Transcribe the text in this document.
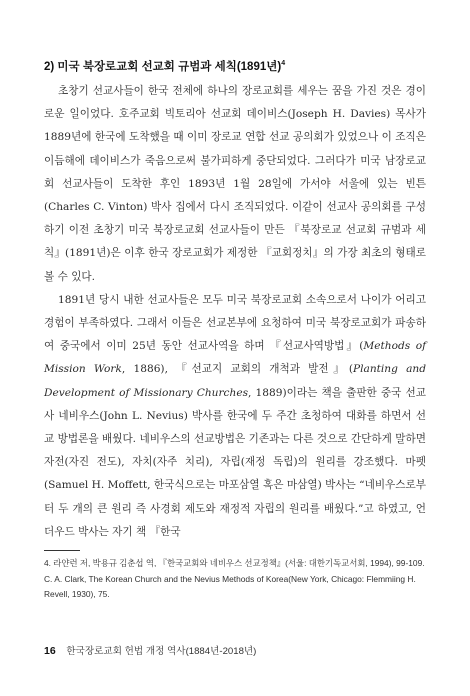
2) 미국 북장로교회 선교회 규범과 세칙(1891년)$^4$

초창기 선교사들이 한국 전체에 하나의 장로교회를 세우는 꿈을 가진 것은 경이로운 일이었다. 호주교회 빅토리아 선교회 데이비스(Joseph H. Davies) 목사가 1889년에 한국에 도착했을 때 이미 장로교 연합 선교 공의회가 있었으나 이 조직은 이듬해에 데이비스가 죽음으로써 불가피하게 중단되었다. 그러다가 미국 남장로교회 선교사들이 도착한 후인 1893년 1월 28일에 가서야 서울에 있는 빈튼(Charles C. Vinton) 박사 집에서 다시 조직되었다. 이같이 선교사 공의회를 구성하기 이전 초창기 미국 북장로교회 선교사들이 만든 『북장로교 선교회 규범과 세칙』(1891년)은 이후 한국 장로교회가 제정한 『교회정치』의 가장 최초의 형태로 볼 수 있다.

1891년 당시 내한 선교사들은 모두 미국 북장로교회 소속으로서 나이가 어리고 경험이 부족하였다. 그래서 이들은 선교본부에 요청하여 미국 북장로교회가 파송하여 중국에서 이미 25년 동안 선교사역을 하며 『선교사역방법』(Methods of Mission Work, 1886), 『선교지 교회의 개척과 발전』(Planting and Development of Missionary Churches, 1889)이라는 책을 출판한 중국 선교사 네비우스(John L. Nevius) 박사를 한국에 두 주간 초청하여 대화를 하면서 선교 방법론을 배웠다. 네비우스의 선교방법은 기존과는 다른 것으로 간단하게 말하면 자전(자진 전도), 자치(자주 치리), 자립(재정 독립)의 원리를 강조했다. 마펫(Samuel H. Moffett, 한국식으로는 마포삼열 혹은 마삼열) 박사는 “네비우스로부터 두 개의 큰 원리 즉 사경회 제도와 재정적 자립의 원리를 배웠다.”고 하였고, 언더우드 박사는 자기 책 『한국

4. 라얀런 저, 박용규 김춘섭 역, 『한국교회와 네비우스 선교정책』(서울: 대한기독교서회, 1994), 99-109. C. A. Clark, The Korean Church and the Nevius Methods of Korea(New York, Chicago: Flemmiing H. Revell, 1930), 75.
16 한국장로교회 헌법 개정 역사(1884년-2018년)
